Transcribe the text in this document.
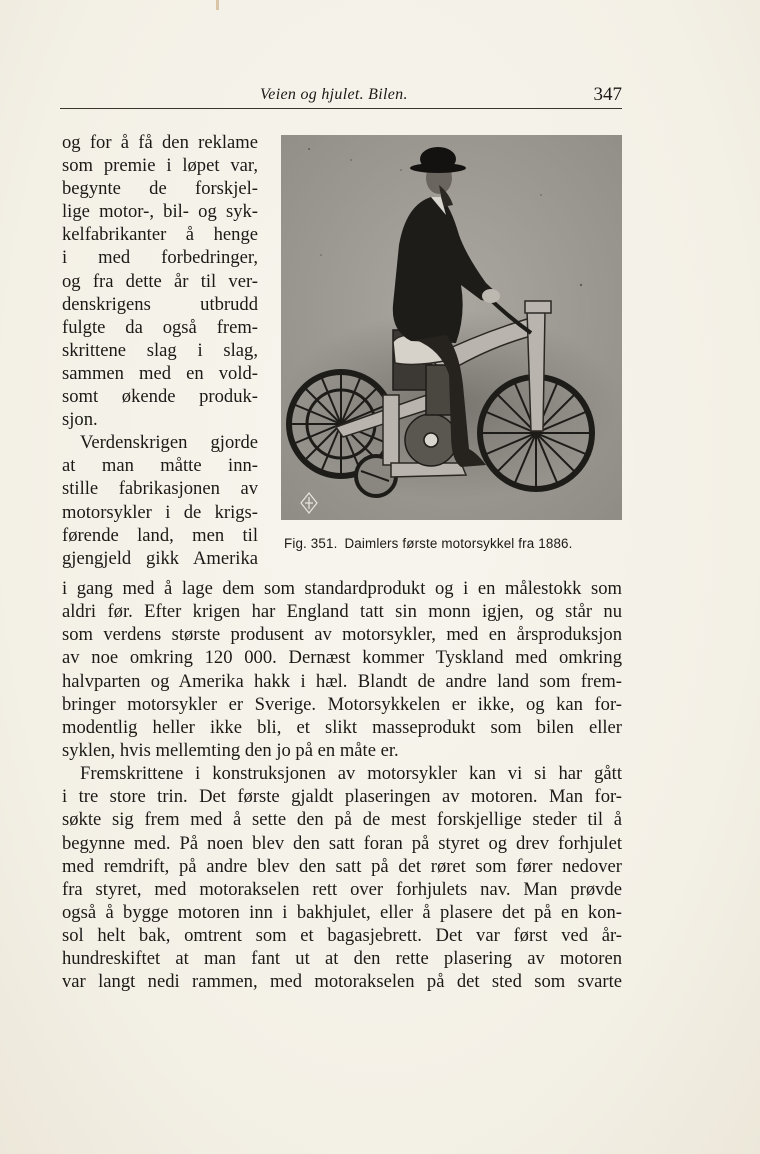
Veien og hjulet. Bilen.	347
og for å få den reklame
som premie i løpet var,
begynte de forskjel-
lige motor-, bil- og syk-
kelfabrikanter å henge
i med forbedringer,
og fra dette år til ver-
denskrigens utbrudd
fulgte da også frem-
skrittene slag i slag,
sammen med en vold-
somt økende produk-
sjon.
Verdenskrigen gjorde
at man måtte inn-
stille fabrikasjonen av
motorsykler i de krigs-
førende land, men til
gjengjeld gikk Amerika
Fig. 351. Daimlers første motorsykkel fra 1886.
i gang med å lage dem som standardprodukt og i en målestokk som
aldri før. Efter krigen har England tatt sin monn igjen, og står nu
som verdens største produsent av motorsykler, med en årsproduksjon
av noe omkring 120 000. Dernæst kommer Tyskland med omkring
halvparten og Amerika hakk i hæl. Blandt de andre land som frem-
bringer motorsykler er Sverige. Motorsykkelen er ikke, og kan for-
modentlig heller ikke bli, et slikt masseprodukt som bilen eller
syklen, hvis mellemting den jo på en måte er.
Fremskrittene i konstruksjonen av motorsykler kan vi si har gått
i tre store trin. Det første gjaldt plaseringen av motoren. Man for-
søkte sig frem med å sette den på de mest forskjellige steder til å
begynne med. På noen blev den satt foran på styret og drev forhjulet
med remdrift, på andre blev den satt på det røret som fører nedover
fra styret, med motorakselen rett over forhjulets nav. Man prøvde
også å bygge motoren inn i bakhjulet, eller å plasere det på en kon-
sol helt bak, omtrent som et bagasjebrett. Det var først ved år-
hundreskiftet at man fant ut at den rette plasering av motoren
var langt nedi rammen, med motorakselen på det sted som svarte
